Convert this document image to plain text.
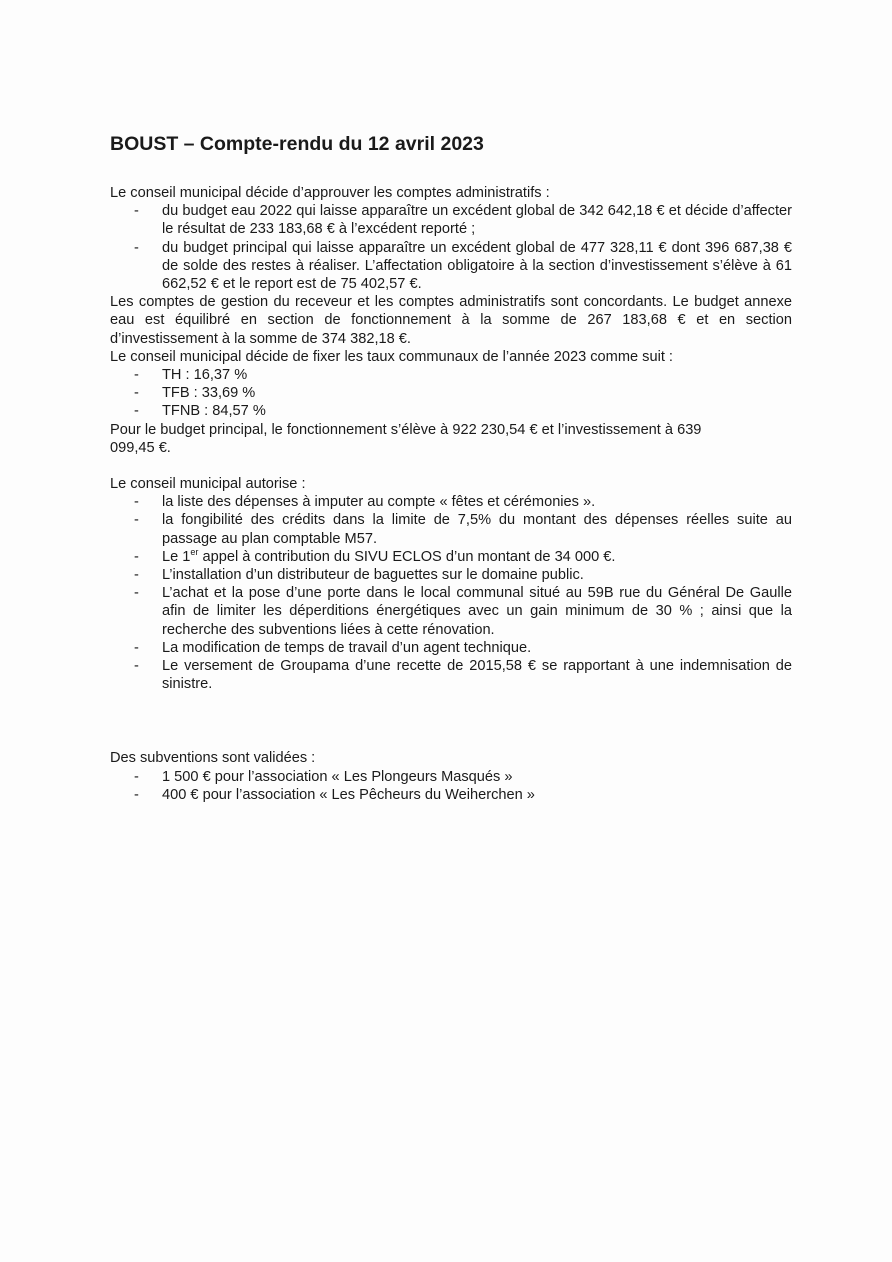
BOUST – Compte-rendu du 12 avril 2023

Le conseil municipal décide d’approuver les comptes administratifs :

- du budget eau 2022 qui laisse apparaître un excédent global de 342 642,18 € et décide d’affecter le résultat de 233 183,68 € à l’excédent reporté ;
- du budget principal qui laisse apparaître un excédent global de 477 328,11 € dont 396 687,38 € de solde des restes à réaliser. L’affectation obligatoire à la section d’investissement s’élève à 61 662,52 € et le report est de 75 402,57 €.

Les comptes de gestion du receveur et les comptes administratifs sont concordants. Le budget annexe eau est équilibré en section de fonctionnement à la somme de 267 183,68 € et en section d’investissement à la somme de 374 382,18 €.

Le conseil municipal décide de fixer les taux communaux de l’année 2023 comme suit :

- TH : 16,37 %
- TFB : 33,69 %
- TFNB : 84,57 %

Pour le budget principal, le fonctionnement s’élève à 922 230,54 € et l’investissement à 639 099,45 €.

Le conseil municipal autorise :

- la liste des dépenses à imputer au compte « fêtes et cérémonies ».
- la fongibilité des crédits dans la limite de 7,5% du montant des dépenses réelles suite au passage au plan comptable M57.
- Le 1er appel à contribution du SIVU ECLOS d’un montant de 34 000 €.
- L’installation d’un distributeur de baguettes sur le domaine public.
- L’achat et la pose d’une porte dans le local communal situé au 59B rue du Général De Gaulle afin de limiter les déperditions énergétiques avec un gain minimum de 30 % ; ainsi que la recherche des subventions liées à cette rénovation.
- La modification de temps de travail d’un agent technique.
- Le versement de Groupama d’une recette de 2015,58 € se rapportant à une indemnisation de sinistre.

Des subventions sont validées :

- 1 500 € pour l’association « Les Plongeurs Masqués »
- 400 € pour l’association « Les Pêcheurs du Weiherchen »
